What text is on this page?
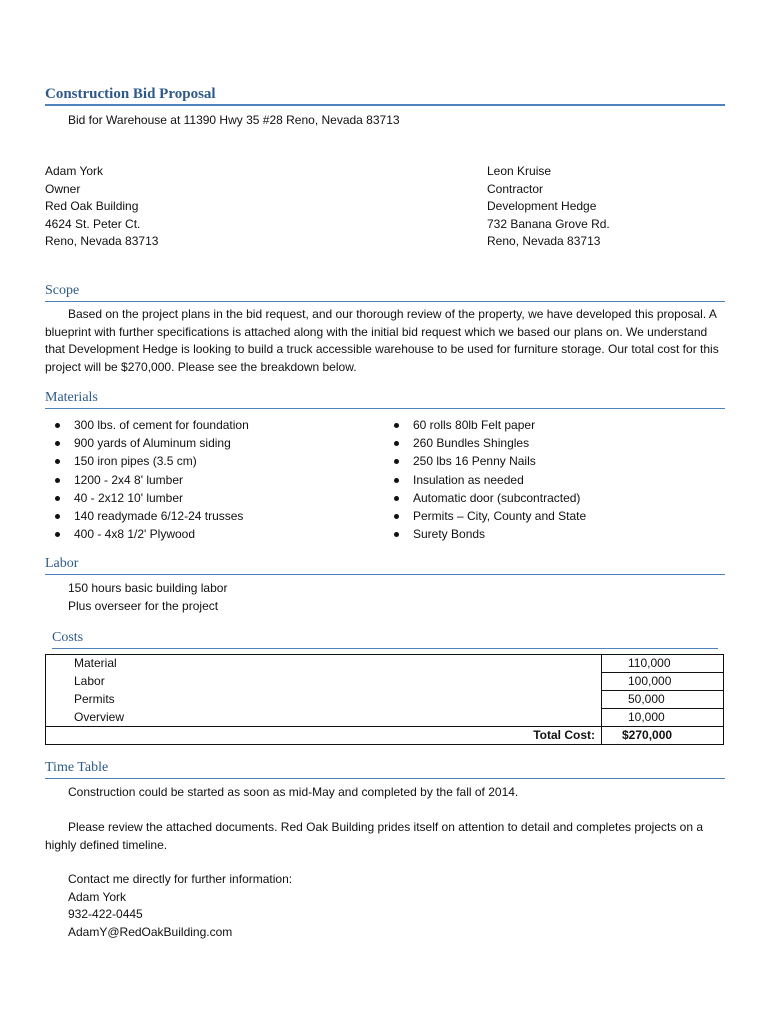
Construction Bid Proposal
Bid for Warehouse at 11390 Hwy 35 #28 Reno, Nevada 83713
Adam York
Owner
Red Oak Building
4624 St. Peter Ct.
Reno, Nevada 83713
Leon Kruise
Contractor
Development Hedge
732 Banana Grove Rd.
Reno, Nevada 83713
Scope

Based on the project plans in the bid request, and our thorough review of the property, we have developed this proposal. A blueprint with further specifications is attached along with the initial bid request which we based our plans on. We understand that Development Hedge is looking to build a truck accessible warehouse to be used for furniture storage. Our total cost for this project will be $270,000. Please see the breakdown below.

Materials
300 lbs. of cement for foundation
900 yards of Aluminum siding
150 iron pipes (3.5 cm)
1200 - 2x4 8' lumber
40 - 2x12 10' lumber
140 readymade 6/12-24 trusses
400 - 4x8 1/2' Plywood
60 rolls 80lb Felt paper
260 Bundles Shingles
250 lbs 16 Penny Nails
Insulation as needed
Automatic door (subcontracted)
Permits – City, County and State
Surety Bonds
Labor
150 hours basic building labor
Plus overseer for the project
Costs
Material	110,000
Labor	100,000
Permits	50,000
Overview	10,000
Total Cost:	$270,000
Time Table
Construction could be started as soon as mid-May and completed by the fall of 2014.

Please review the attached documents. Red Oak Building prides itself on attention to detail and completes projects on a highly defined timeline.

Contact me directly for further information:
Adam York
932-422-0445
AdamY@RedOakBuilding.com
